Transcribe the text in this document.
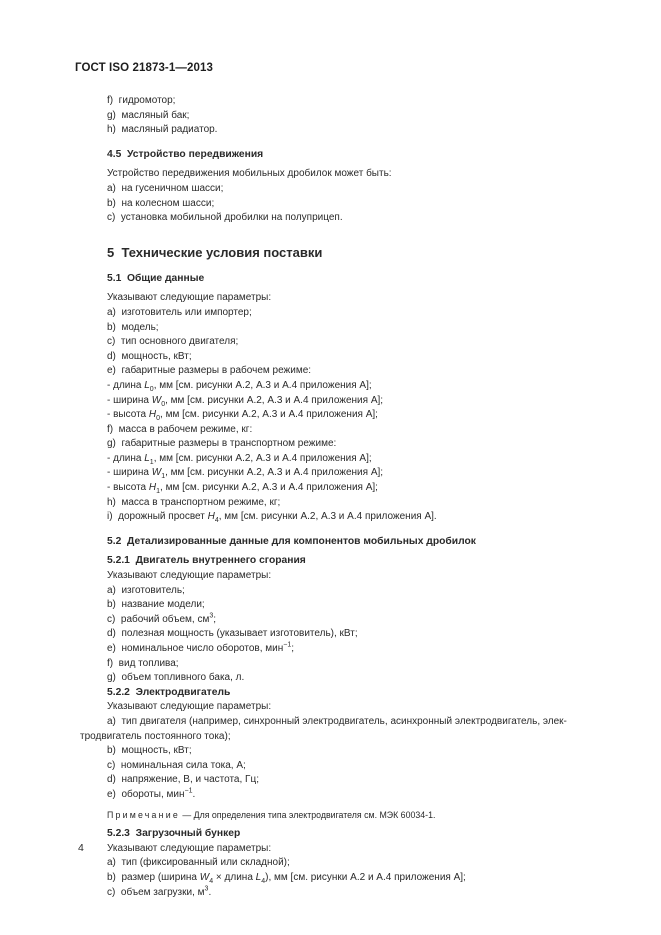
ГОСТ ISO 21873-1—2013
f)  гидромотор;
g)  масляный бак;
h)  масляный радиатор.
4.5  Устройство передвижения
Устройство передвижения мобильных дробилок может быть:
a)  на гусеничном шасси;
b)  на колесном шасси;
c)  установка мобильной дробилки на полуприцеп.
5  Технические условия поставки
5.1  Общие данные
Указывают следующие параметры:
a)  изготовитель или импортер;
b)  модель;
c)  тип основного двигателя;
d)  мощность, кВт;
e)  габаритные размеры в рабочем режиме:
- длина $L_0$, мм [см. рисунки А.2, А.3 и А.4 приложения А];
- ширина $W_0$, мм [см. рисунки А.2, А.3 и А.4 приложения А];
- высота $H_0$, мм [см. рисунки А.2, А.3 и А.4 приложения А];
f)  масса в рабочем режиме, кг:
g)  габаритные размеры в транспортном режиме:
- длина $L_1$, мм [см. рисунки А.2, А.3 и А.4 приложения А];
- ширина $W_1$, мм [см. рисунки А.2, А.3 и А.4 приложения А];
- высота $H_1$, мм [см. рисунки А.2, А.3 и А.4 приложения А];
h)  масса в транспортном режиме, кг;
i)  дорожный просвет $H_4$, мм [см. рисунки А.2, А.3 и А.4 приложения А].
5.2  Детализированные данные для компонентов мобильных дробилок
5.2.1  Двигатель внутреннего сгорания
Указывают следующие параметры:
a)  изготовитель;
b)  название модели;
c)  рабочий объем, $см^3$;
d)  полезная мощность (указывает изготовитель), кВт;
e)  номинальное число оборотов, мин$^{-1}$;
f)  вид топлива;
g)  объем топливного бака, л.
5.2.2  Электродвигатель
Указывают следующие параметры:
a)  тип двигателя (например, синхронный электродвигатель, асинхронный электродвигатель, элек-
тродвигатель постоянного тока);
b)  мощность, кВт;
c)  номинальная сила тока, А;
d)  напряжение, В, и частота, Гц;
e)  обороты, мин$^{-1}$.
Примечание — Для определения типа электродвигателя см. МЭК 60034-1.
5.2.3  Загрузочный бункер
Указывают следующие параметры:
a)  тип (фиксированный или складной);
b)  размер (ширина $W_4$ × длина $L_4$), мм [см. рисунки А.2 и А.4 приложения А];
c)  объем загрузки, $м^3$.
4
